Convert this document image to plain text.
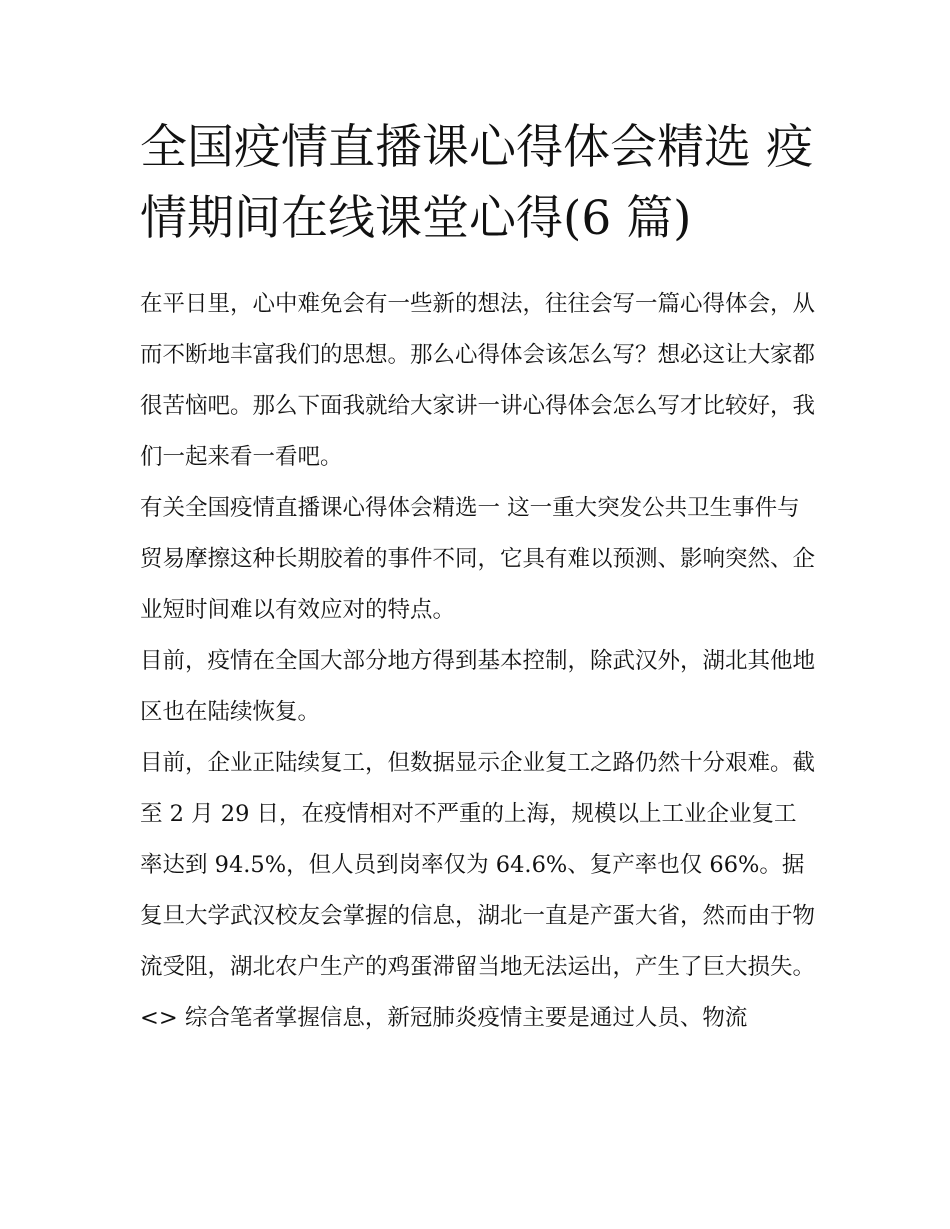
全国疫情直播课心得体会精选 疫情期间在线课堂心得(6 篇)

在平日里，心中难免会有一些新的想法，往往会写一篇心得体会，从而不断地丰富我们的思想。那么心得体会该怎么写？想必这让大家都很苦恼吧。那么下面我就给大家讲一讲心得体会怎么写才比较好，我们一起来看一看吧。

有关全国疫情直播课心得体会精选一 这一重大突发公共卫生事件与贸易摩擦这种长期胶着的事件不同，它具有难以预测、影响突然、企业短时间难以有效应对的特点。

目前，疫情在全国大部分地方得到基本控制，除武汉外，湖北其他地区也在陆续恢复。

目前，企业正陆续复工，但数据显示企业复工之路仍然十分艰难。截至 2 月 29 日，在疫情相对不严重的上海，规模以上工业企业复工率达到 94.5%，但人员到岗率仅为 64.6%、复产率也仅 66%。据复旦大学武汉校友会掌握的信息，湖北一直是产蛋大省，然而由于物流受阻，湖北农户生产的鸡蛋滞留当地无法运出，产生了巨大损失。

<> 综合笔者掌握信息，新冠肺炎疫情主要是通过人员、物流
